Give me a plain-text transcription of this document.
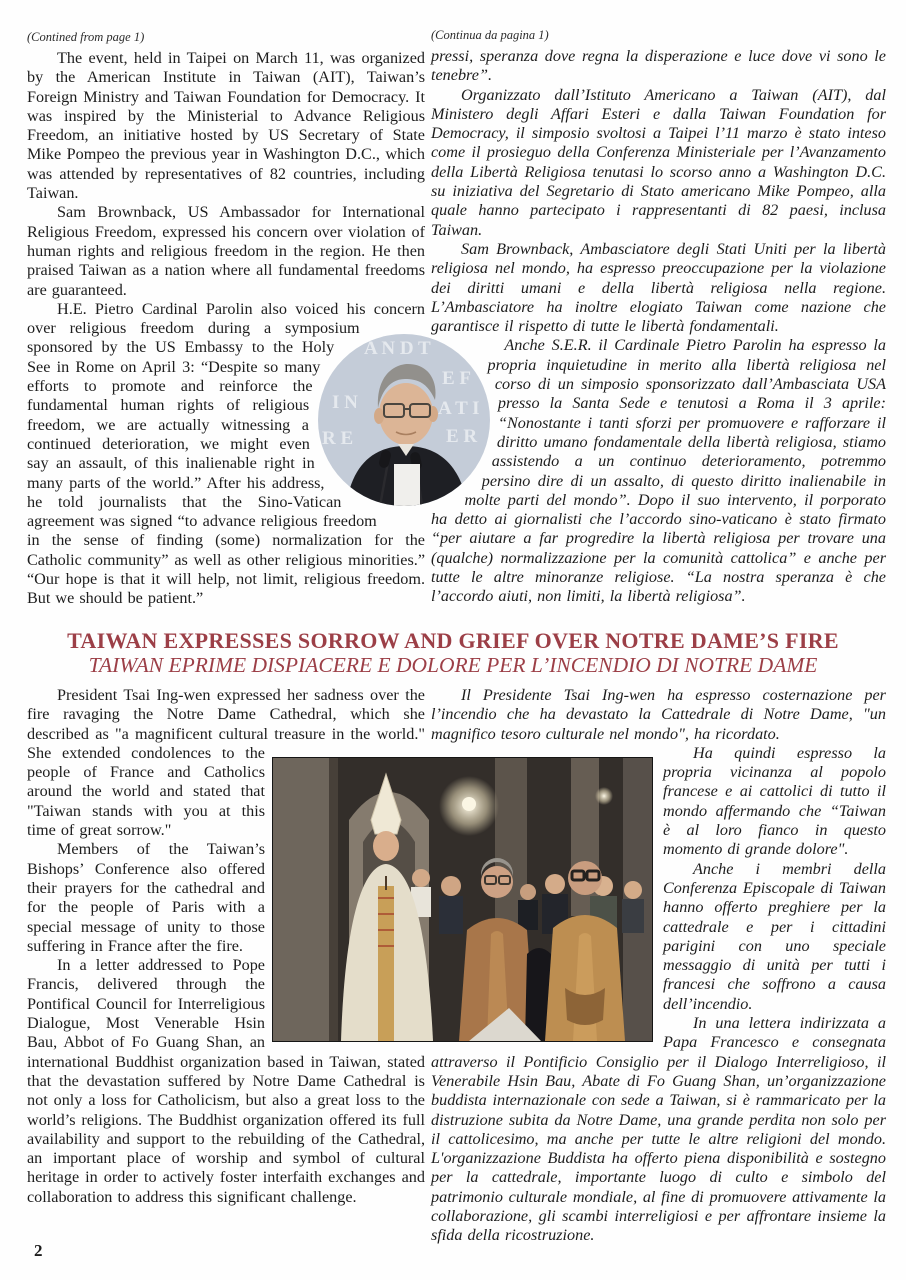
(Contined from page 1)

The event, held in Taipei on March 11, was organized by the American Institute in Taiwan (AIT), Taiwan’s Foreign Ministry and Taiwan Foundation for Democracy. It was inspired by the Ministerial to Advance Religious Freedom, an initiative hosted by US Secretary of State Mike Pompeo the previous year in Washington D.C., which was attended by representatives of 82 countries, including Taiwan.

Sam Brownback, US Ambassador for International Religious Freedom, expressed his concern over violation of human rights and religious freedom in the region. He then praised Taiwan as a nation where all fundamental freedoms are guaranteed.

H.E. Pietro Cardinal Parolin also voiced his concern over religious freedom during a symposium sponsored by the US Embassy to the Holy See in Rome on April 3: “Despite so many efforts to promote and reinforce the fundamental human rights of religious freedom, we are actually witnessing a continued deterioration, we might even say an assault, of this inalienable right in many parts of the world.” After his address, he told journalists that the Sino-Vatican agreement was signed “to advance religious freedom in the sense of finding (some) normalization for the Catholic community” as well as other religious minorities.” “Our hope is that it will help, not limit, religious freedom. But we should be patient.”

(Continua da pagina 1)

pressi, speranza dove regna la disperazione e luce dove vi sono le tenebre”.

Organizzato dall’Istituto Americano a Taiwan (AIT), dal Ministero degli Affari Esteri e dalla Taiwan Foundation for Democracy, il simposio svoltosi a Taipei l’11 marzo è stato inteso come il prosieguo della Conferenza Ministeriale per l’Avanzamento della Libertà Religiosa tenutasi lo scorso anno a Washington D.C. su iniziativa del Segretario di Stato americano Mike Pompeo, alla quale hanno partecipato i rappresentanti di 82 paesi, inclusa Taiwan.

Sam Brownback, Ambasciatore degli Stati Uniti per la libertà religiosa nel mondo, ha espresso preoccupazione per la violazione dei diritti umani e della libertà religiosa nella regione. L’Ambasciatore ha inoltre elogiato Taiwan come nazione che garantisce il rispetto di tutte le libertà fondamentali.

Anche S.E.R. il Cardinale Pietro Parolin ha espresso la propria inquietudine in merito alla libertà religiosa nel corso di un simposio sponsorizzato dall’Ambasciata USA presso la Santa Sede e tenutosi a Roma il 3 aprile: “Nonostante i tanti sforzi per promuovere e rafforzare il diritto umano fondamentale della libertà religiosa, stiamo assistendo a un continuo deterioramento, potremmo persino dire di un assalto, di questo diritto inalienabile in molte parti del mondo”. Dopo il suo intervento, il porporato ha detto ai giornalisti che l’accordo sino-vaticano è stato firmato “per aiutare a far progredire la libertà religiosa per trovare una (qualche) normalizzazione per la comunità cattolica” e anche per tutte le altre minoranze religiose. “La nostra speranza è che l’accordo aiuti, non limiti, la libertà religiosa”.

TAIWAN EXPRESSES SORROW AND GRIEF OVER NOTRE DAME’S FIRE
TAIWAN EPRIME DISPIACERE E DOLORE PER L’INCENDIO DI NOTRE DAME

President Tsai Ing-wen expressed her sadness over the fire ravaging the Notre Dame Cathedral, which she described as "a magnificent cultural treasure in the world." She extended condolences to the people of France and Catholics around the world and stated that "Taiwan stands with you at this time of great sorrow."

Members of the Taiwan’s Bishops’ Conference also offered their prayers for the cathedral and for the people of Paris with a special message of unity to those suffering in France after the fire.

In a letter addressed to Pope Francis, delivered through the Pontifical Council for Interreligious Dialogue, Most Venerable Hsin Bau, Abbot of Fo Guang Shan, an international Buddhist organization based in Taiwan, stated that the devastation suffered by Notre Dame Cathedral is not only a loss for Catholicism, but also a great loss to the world’s religions. The Buddhist organization offered its full availability and support to the rebuilding of the Cathedral, an important place of worship and symbol of cultural heritage in order to actively foster interfaith exchanges and collaboration to address this significant challenge.

Il Presidente Tsai Ing-wen ha espresso costernazione per l’incendio che ha devastato la Cattedrale di Notre Dame, "un magnifico tesoro culturale nel mondo", ha ricordato.

Ha quindi espresso la propria vicinanza al popolo francese e ai cattolici di tutto il mondo affermando che “Taiwan è al loro fianco in questo momento di grande dolore".

Anche i membri della Conferenza Episcopale di Taiwan hanno offerto preghiere per la cattedrale e per i cittadini parigini con uno speciale messaggio di unità per tutti i francesi che soffrono a causa dell’incendio.

In una lettera indirizzata a Papa Francesco e consegnata attraverso il Pontificio Consiglio per il Dialogo Interreligioso, il Venerabile Hsin Bau, Abate di Fo Guang Shan, un’organizzazione buddista internazionale con sede a Taiwan, si è rammaricato per la distruzione subita da Notre Dame, una grande perdita non solo per il cattolicesimo, ma anche per tutte le altre religioni del mondo. L'organizzazione Buddista ha offerto piena disponibilità e sostegno per la cattedrale, importante luogo di culto e simbolo del patrimonio culturale mondiale, al fine di promuovere attivamente la collaborazione, gli scambi interreligiosi e per affrontare insieme la sfida della ricostruzione.

A N D T
E F
I N	A T I
R E	E R
2
